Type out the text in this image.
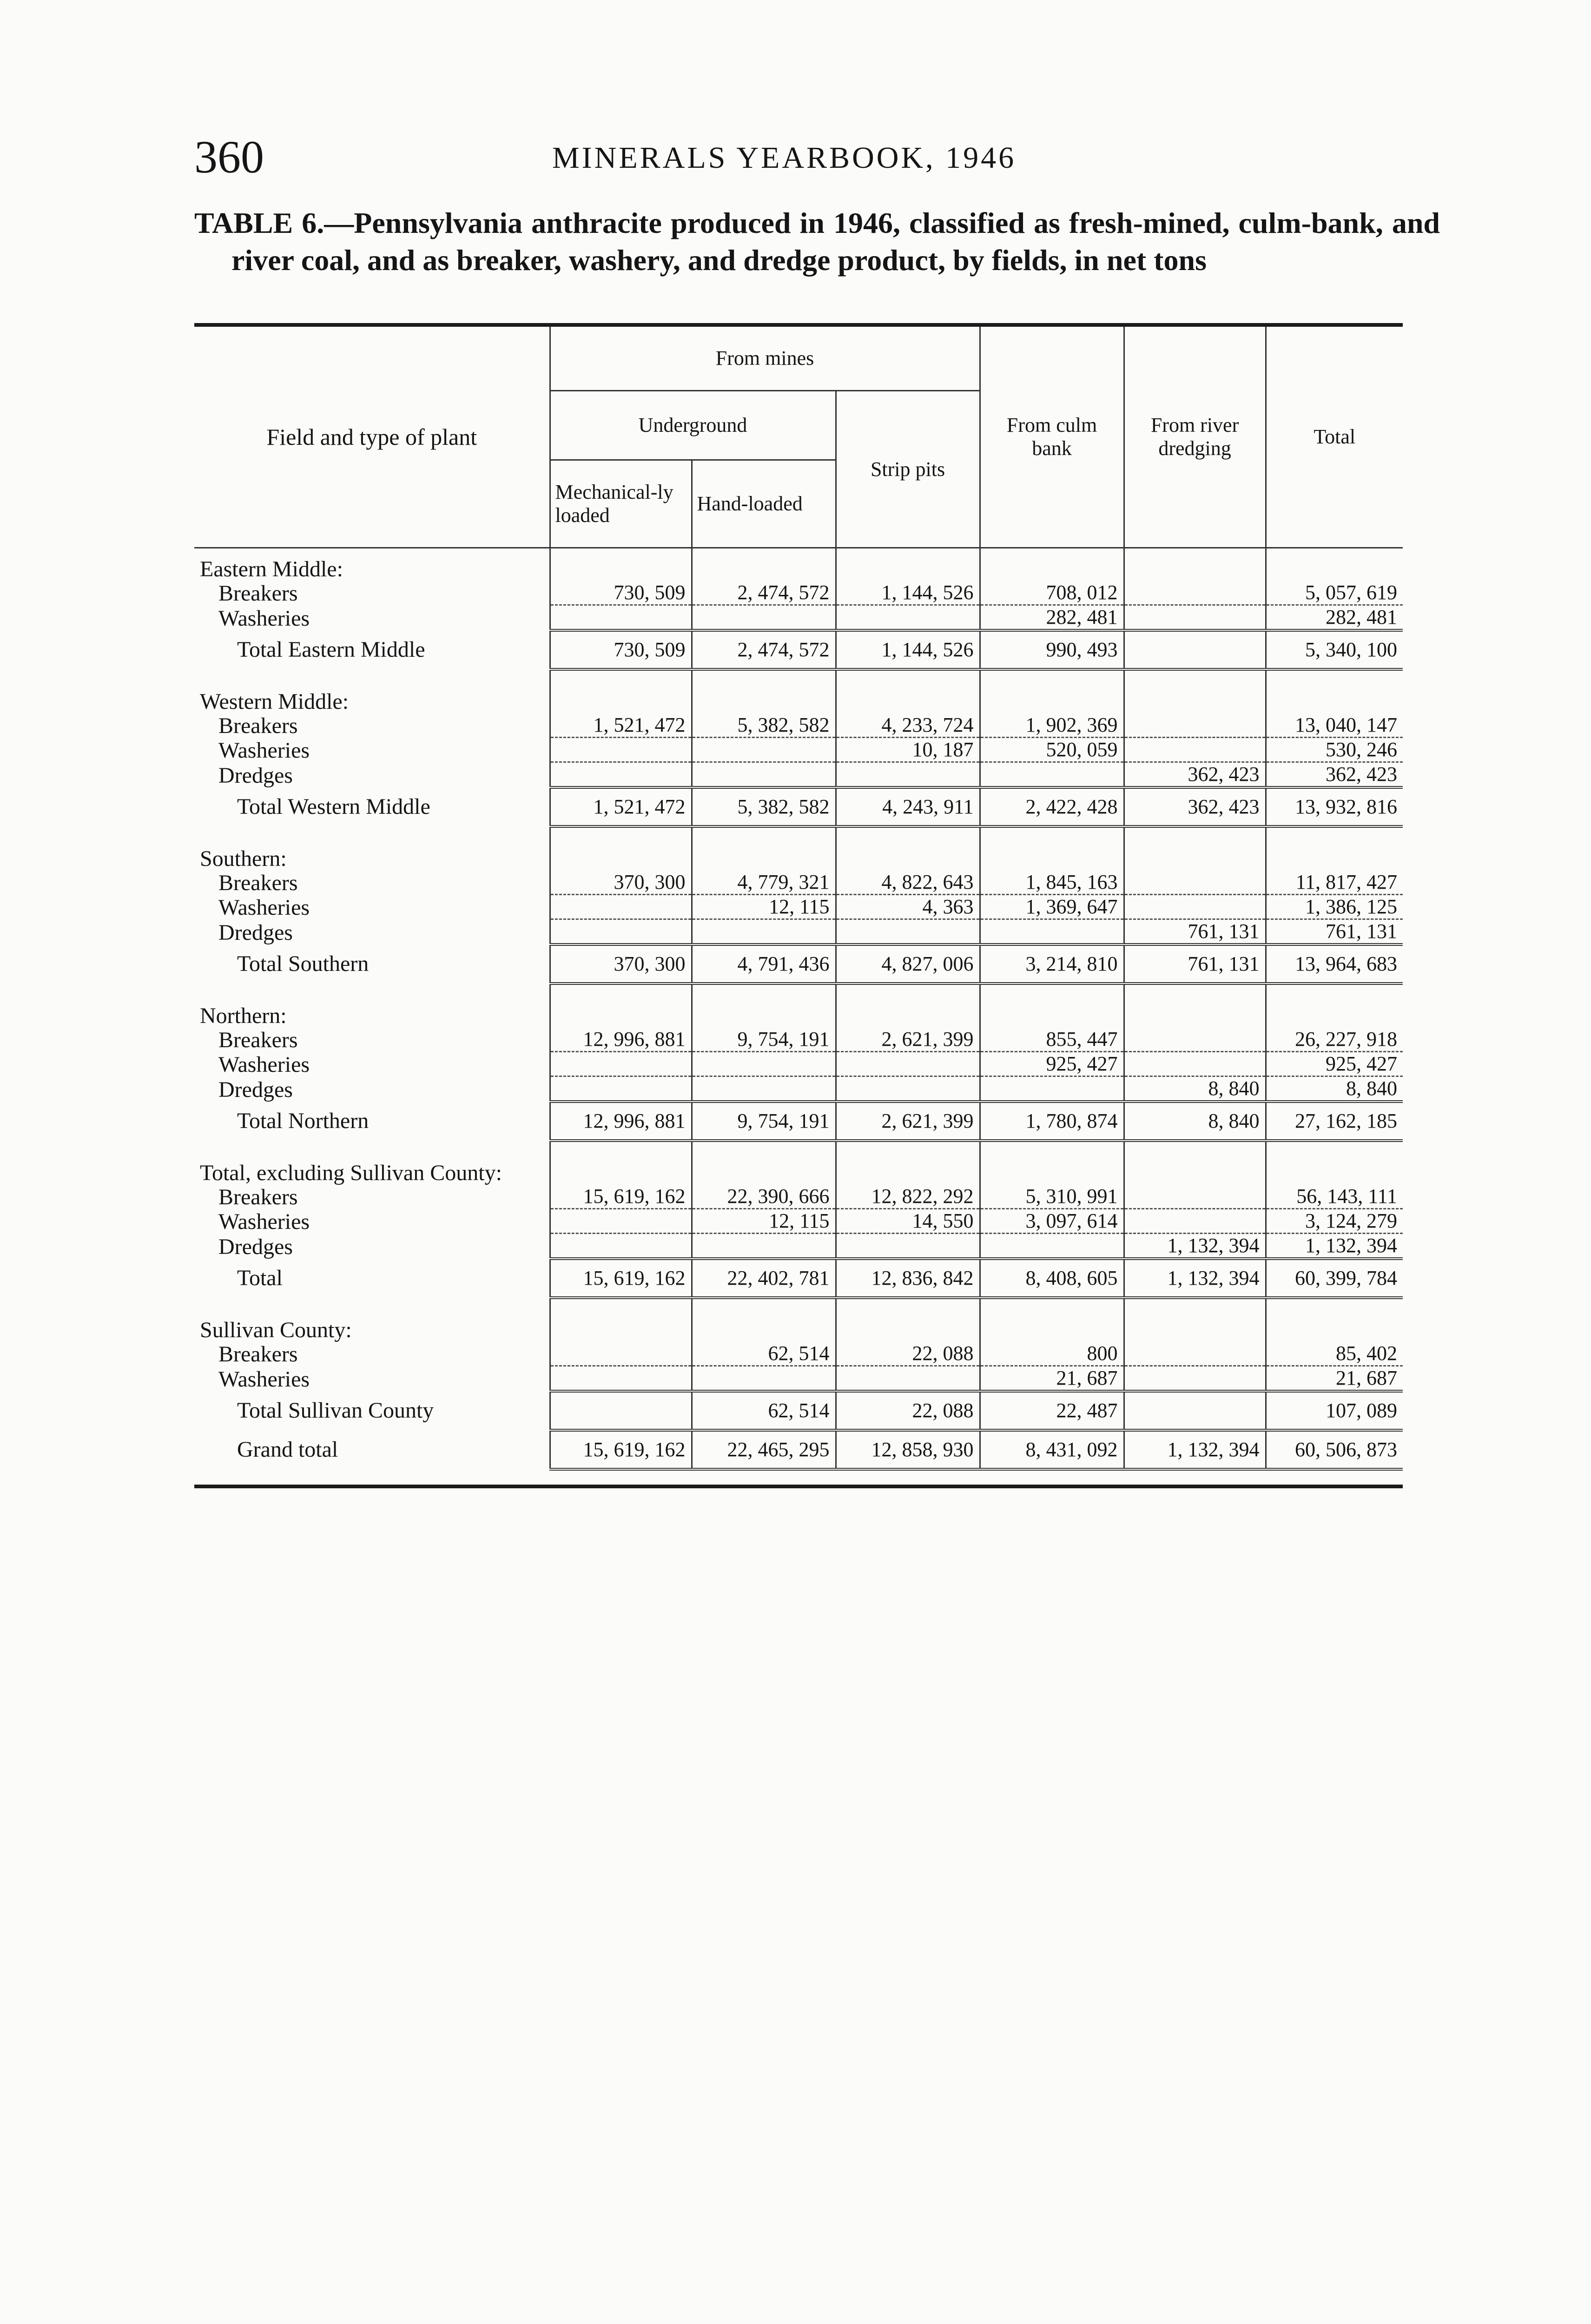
360	MINERALS YEARBOOK, 1946
TABLE 6.—Pennsylvania anthracite produced in 1946, classified as fresh-mined, culm-bank, and river coal, and as breaker, washery, and dredge product, by fields, in net tons
Field and type of plant	From mines			From culm bank	From river dredging	Total
	Underground		Strip pits			
	Mechanical-ly loaded	Hand-loaded				
Eastern Middle:						
Breakers	730, 509	2, 474, 572	1, 144, 526	708, 012		5, 057, 619
Washeries				282, 481		282, 481
Total Eastern Middle	730, 509	2, 474, 572	1, 144, 526	990, 493		5, 340, 100

Western Middle:						
Breakers	1, 521, 472	5, 382, 582	4, 233, 724	1, 902, 369		13, 040, 147
Washeries			10, 187	520, 059		530, 246
Dredges					362, 423	362, 423
Total Western Middle	1, 521, 472	5, 382, 582	4, 243, 911	2, 422, 428	362, 423	13, 932, 816

Southern:						
Breakers	370, 300	4, 779, 321	4, 822, 643	1, 845, 163		11, 817, 427
Washeries		12, 115	4, 363	1, 369, 647		1, 386, 125
Dredges					761, 131	761, 131
Total Southern	370, 300	4, 791, 436	4, 827, 006	3, 214, 810	761, 131	13, 964, 683

Northern:						
Breakers	12, 996, 881	9, 754, 191	2, 621, 399	855, 447		26, 227, 918
Washeries				925, 427		925, 427
Dredges					8, 840	8, 840
Total Northern	12, 996, 881	9, 754, 191	2, 621, 399	1, 780, 874	8, 840	27, 162, 185

Total, excluding Sullivan County:						
Breakers	15, 619, 162	22, 390, 666	12, 822, 292	5, 310, 991		56, 143, 111
Washeries		12, 115	14, 550	3, 097, 614		3, 124, 279
Dredges					1, 132, 394	1, 132, 394
Total	15, 619, 162	22, 402, 781	12, 836, 842	8, 408, 605	1, 132, 394	60, 399, 784

Sullivan County:						
Breakers		62, 514	22, 088	800		85, 402
Washeries				21, 687		21, 687
Total Sullivan County		62, 514	22, 088	22, 487		107, 089
Grand total	15, 619, 162	22, 465, 295	12, 858, 930	8, 431, 092	1, 132, 394	60, 506, 873
